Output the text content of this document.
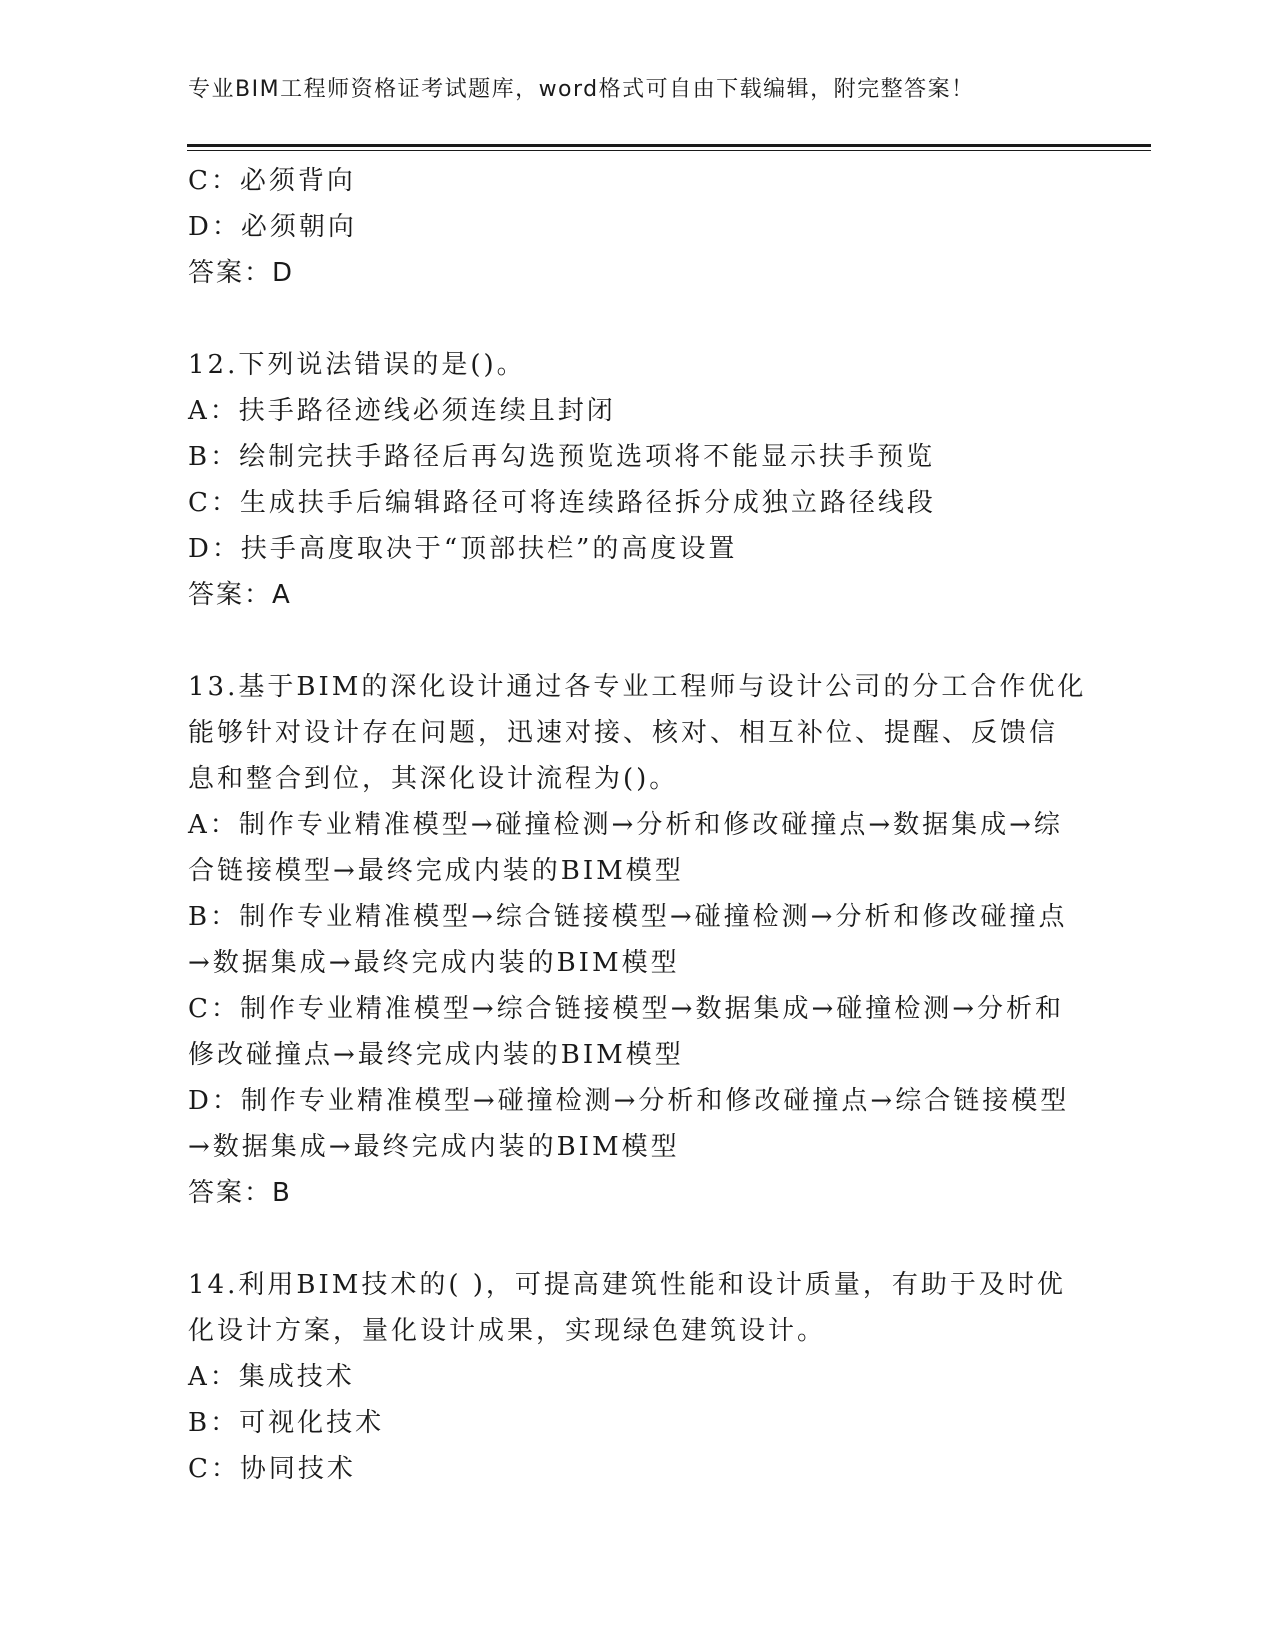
专业BIM工程师资格证考试题库，word格式可自由下载编辑，附完整答案！
C：必须背向
D：必须朝向
答案：D
12.下列说法错误的是()。
A：扶手路径迹线必须连续且封闭
B：绘制完扶手路径后再勾选预览选项将不能显示扶手预览
C：生成扶手后编辑路径可将连续路径拆分成独立路径线段
D：扶手高度取决于“顶部扶栏”的高度设置
答案：A
13.基于BIM的深化设计通过各专业工程师与设计公司的分工合作优化
能够针对设计存在问题，迅速对接、核对、相互补位、提醒、反馈信
息和整合到位，其深化设计流程为()。
A：制作专业精准模型→碰撞检测→分析和修改碰撞点→数据集成→综
合链接模型→最终完成内装的BIM模型
B：制作专业精准模型→综合链接模型→碰撞检测→分析和修改碰撞点
→数据集成→最终完成内装的BIM模型
C：制作专业精准模型→综合链接模型→数据集成→碰撞检测→分析和
修改碰撞点→最终完成内装的BIM模型
D：制作专业精准模型→碰撞检测→分析和修改碰撞点→综合链接模型
→数据集成→最终完成内装的BIM模型
答案：B
14.利用BIM技术的( )，可提高建筑性能和设计质量，有助于及时优
化设计方案，量化设计成果，实现绿色建筑设计。
A：集成技术
B：可视化技术
C：协同技术
